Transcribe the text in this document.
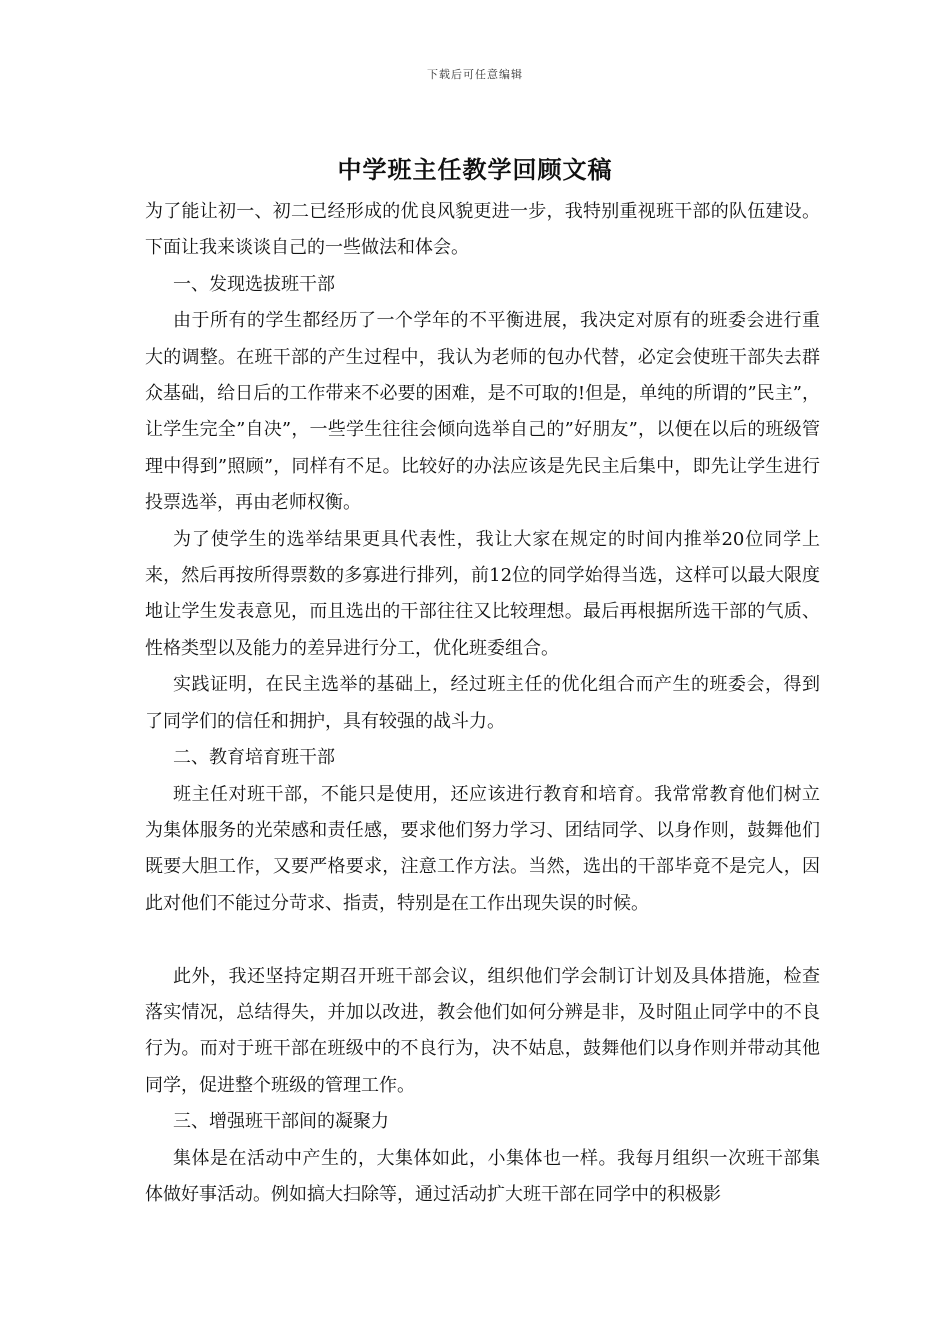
下载后可任意编辑
中学班主任教学回顾文稿

为了能让初一、初二已经形成的优良风貌更进一步，我特别重视班干部的队伍建设。下面让我来谈谈自己的一些做法和体会。

一、发现选拔班干部

由于所有的学生都经历了一个学年的不平衡进展，我决定对原有的班委会进行重大的调整。在班干部的产生过程中，我认为老师的包办代替，必定会使班干部失去群众基础，给日后的工作带来不必要的困难，是不可取的!但是，单纯的所谓的”民主”，让学生完全”自决”，一些学生往往会倾向选举自己的”好朋友”，以便在以后的班级管理中得到”照顾”，同样有不足。比较好的办法应该是先民主后集中，即先让学生进行投票选举，再由老师权衡。

为了使学生的选举结果更具代表性，我让大家在规定的时间内推举20位同学上来，然后再按所得票数的多寡进行排列，前12位的同学始得当选，这样可以最大限度地让学生发表意见，而且选出的干部往往又比较理想。最后再根据所选干部的气质、性格类型以及能力的差异进行分工，优化班委组合。

实践证明，在民主选举的基础上，经过班主任的优化组合而产生的班委会，得到了同学们的信任和拥护，具有较强的战斗力。

二、教育培育班干部

班主任对班干部，不能只是使用，还应该进行教育和培育。我常常教育他们树立为集体服务的光荣感和责任感，要求他们努力学习、团结同学、以身作则，鼓舞他们既要大胆工作，又要严格要求，注意工作方法。当然，选出的干部毕竟不是完人，因此对他们不能过分苛求、指责，特别是在工作出现失误的时候。

此外，我还坚持定期召开班干部会议，组织他们学会制订计划及具体措施，检查落实情况，总结得失，并加以改进，教会他们如何分辨是非，及时阻止同学中的不良行为。而对于班干部在班级中的不良行为，决不姑息，鼓舞他们以身作则并带动其他同学，促进整个班级的管理工作。

三、增强班干部间的凝聚力

集体是在活动中产生的，大集体如此，小集体也一样。我每月组织一次班干部集体做好事活动。例如搞大扫除等，通过活动扩大班干部在同学中的积极影
